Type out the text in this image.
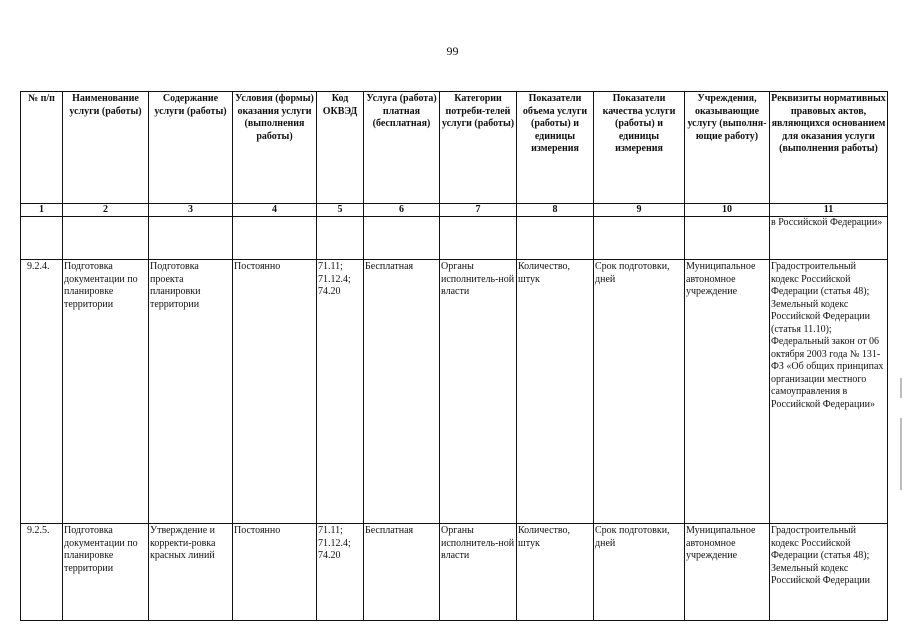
99
№ п/п	Наименование услуги (работы)	Содержание услуги (работы)	Условия (формы) оказания услуги (выполнения работы)	Код ОКВЭД	Услуга (работа) платная (бесплатная)	Категории потреби-телей услуги (работы)	Показатели объема услуги (работы) и единицы измерения	Показатели качества услуги (работы) и единицы измерения	Учреждения, оказывающие услугу (выполня-ющие работу)	Реквизиты нормативных правовых актов, являющихся основанием для оказания услуги (выполнения работы)
1	2	3	4	5	6	7	8	9	10	11
										в Российской Федерации»
9.2.4.	Подготовка документации по планировке территории	Подготовка проекта планировки территории	Постоянно	71.11; 71.12.4; 74.20	Бесплатная	Органы исполнитель-ной власти	Количество, штук	Срок подготовки, дней	Муниципальное автономное учреждение	Градостроительный кодекс Российской Федерации (статья 48); Земельный кодекс Российской Федерации (статья 11.10); Федеральный закон от 06 октября 2003 года № 131-ФЗ «Об общих принципах организации местного самоуправления в Российской Федерации»
9.2.5.	Подготовка документации по планировке территории	Утверждение и корректи-ровка красных линий	Постоянно	71.11; 71.12.4; 74.20	Бесплатная	Органы исполнитель-ной власти	Количество, штук	Срок подготовки, дней	Муниципальное автономное учреждение	Градостроительный кодекс Российской Федерации (статья 48); Земельный кодекс Российской Федерации
